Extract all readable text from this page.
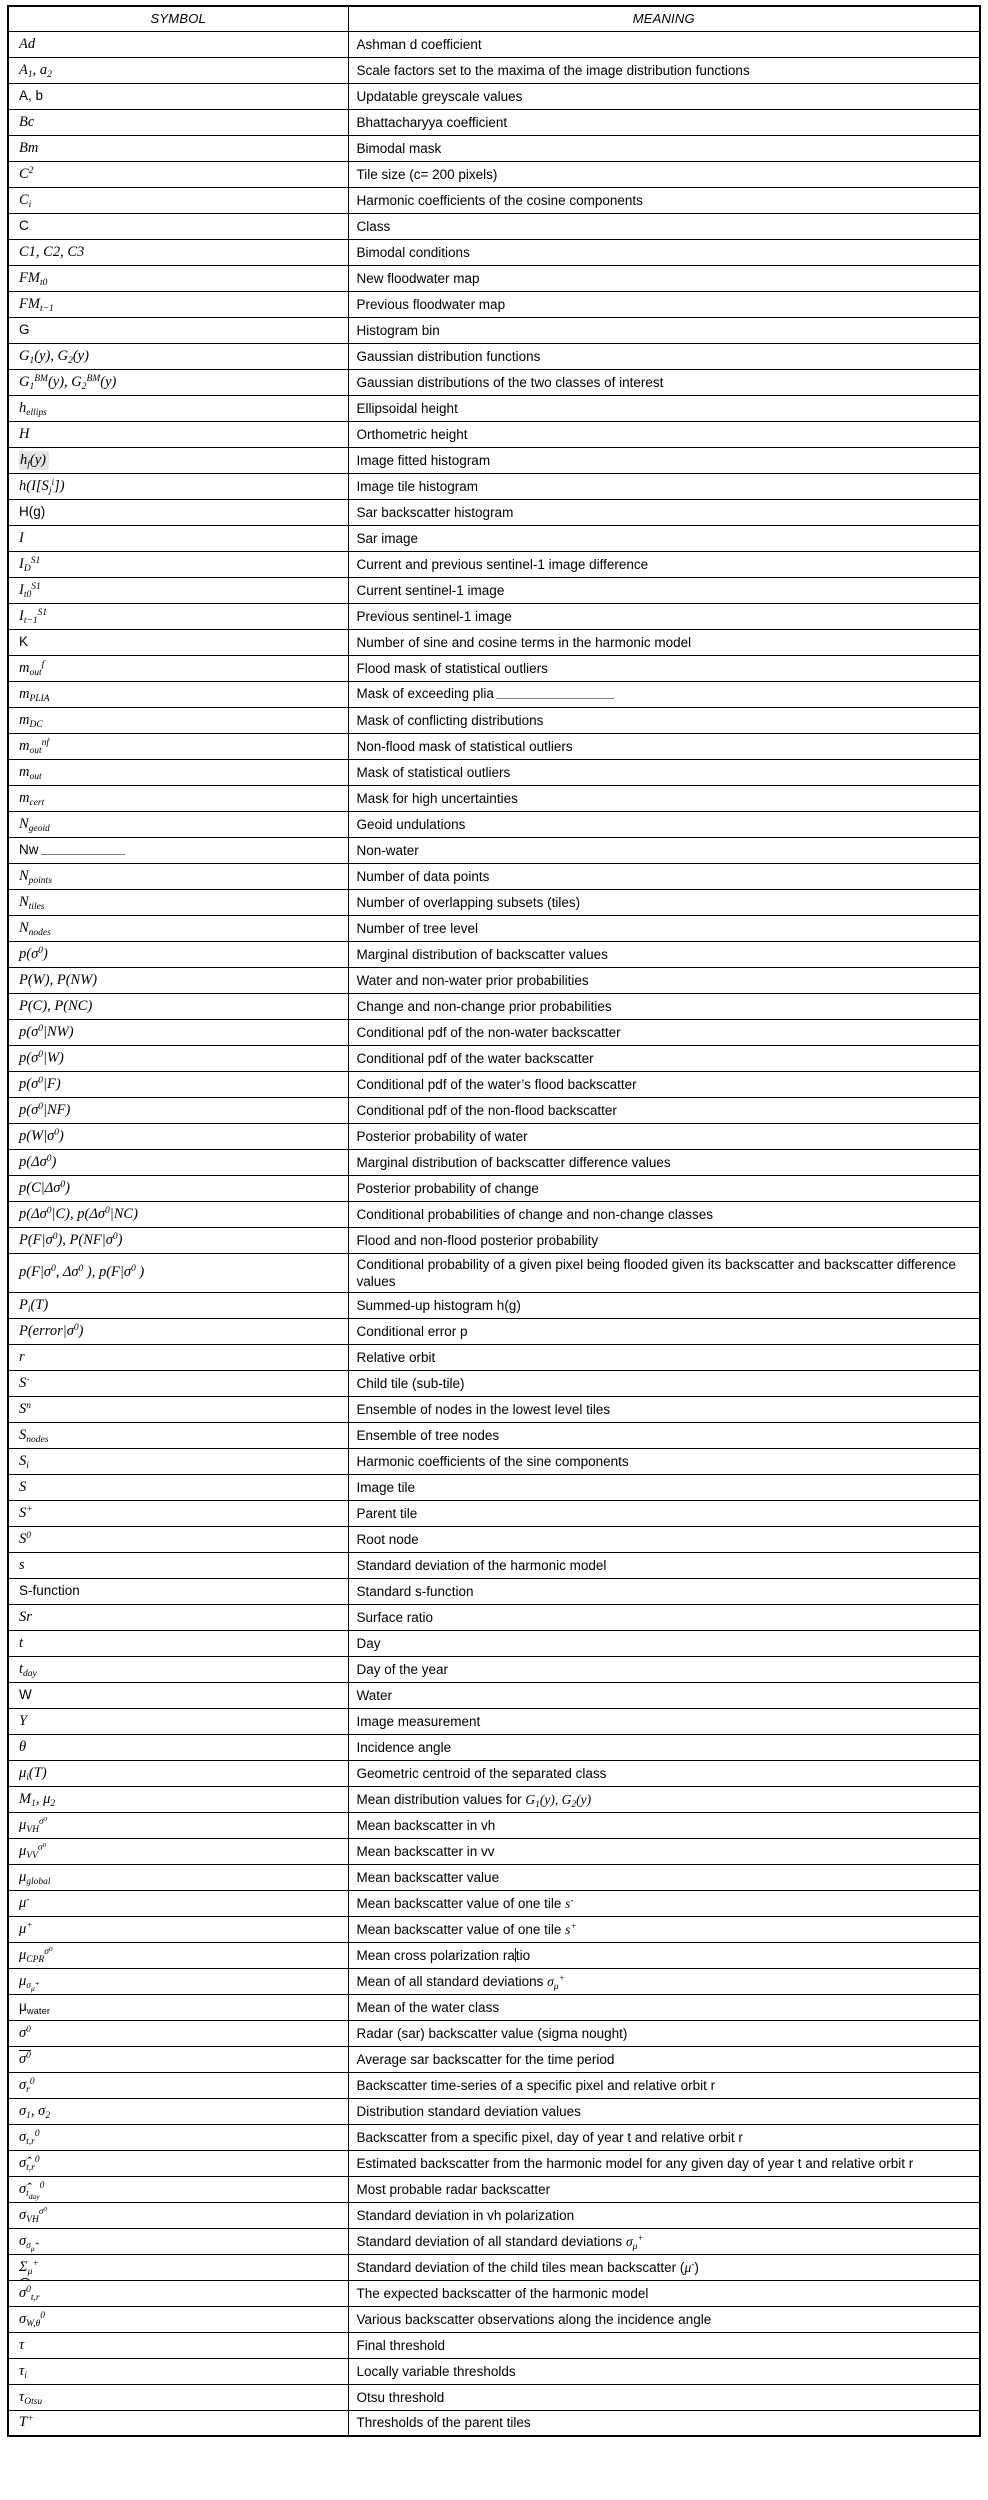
SYMBOL	MEANING
Ad	Ashman d coefficient
$A_1$, $a_2$	Scale factors set to the maxima of the image distribution functions
A, b	Updatable greyscale values
Bc	Bhattacharyya coefficient
Bm	Bimodal mask
$C^2$	Tile size (c= 200 pixels)
$C_i$	Harmonic coefficients of the cosine components
C	Class
C1, C2, C3	Bimodal conditions
$FM_{t0}$	New floodwater map
$FM_{t-1}$	Previous floodwater map
G	Histogram bin
$G_1(y)$, $G_2(y)$	Gaussian distribution functions
$G_1^{BM}(y)$, $G_2^{BM}(y)$	Gaussian distributions of the two classes of interest
$h_{ellips}$	Ellipsoidal height
H	Orthometric height
$h_f(y)$	Image fitted histogram
$h(I[S_j^i])$	Image tile histogram
H(g)	Sar backscatter histogram
I	Sar image
$I_D^{S1}$	Current and previous sentinel-1 image difference
$I_{t0}^{S1}$	Current sentinel-1 image
$I_{t-1}^{S1}$	Previous sentinel-1 image
K	Number of sine and cosine terms in the harmonic model
$m_{out}^f$	Flood mask of statistical outliers
$m_{PLIA}$	Mask of exceeding plia
$m_{DC}$	Mask of conflicting distributions
$m_{out}^{nf}$	Non-flood mask of statistical outliers
$m_{out}$	Mask of statistical outliers
$m_{cert}$	Mask for high uncertainties
$N_{geoid}$	Geoid undulations
Nw	Non-water
$N_{points}$	Number of data points
$N_{tiles}$	Number of overlapping subsets (tiles)
$N_{nodes}$	Number of tree level
$p(\sigma^0)$	Marginal distribution of backscatter values
P(W), P(NW)	Water and non-water prior probabilities
P(C), P(NC)	Change and non-change prior probabilities
$p(\sigma^0|NW)$	Conditional pdf of the non-water backscatter
$p(\sigma^0|W)$	Conditional pdf of the water backscatter
$p(\sigma^0|F)$	Conditional pdf of the water’s flood backscatter
$p(\sigma^0|NF)$	Conditional pdf of the non-flood backscatter
$p(W|\sigma^0)$	Posterior probability of water
$p(\Delta\sigma^0)$	Marginal distribution of backscatter difference values
$p(C|\Delta\sigma^0)$	Posterior probability of change
$p(\Delta\sigma^0|C)$, $p(\Delta\sigma^0|NC)$	Conditional probabilities of change and non-change classes
$P(F|\sigma^0)$, $P(NF|\sigma^0)$	Flood and non-flood posterior probability
$p(F|\sigma^0$, $\Delta\sigma^0$ ), $p(F|\sigma^0$ )	Conditional probability of a given pixel being flooded given its backscatter and backscatter difference values
$P_i(T)$	Summed-up histogram h(g)
$P(error|\sigma^0)$	Conditional error p
r	Relative orbit
S-	Child tile (sub-tile)
$S^n$	Ensemble of nodes in the lowest level tiles
$S_{nodes}$	Ensemble of tree nodes
$S_i$	Harmonic coefficients of the sine components
S	Image tile
S+	Parent tile
$S^0$	Root node
s	Standard deviation of the harmonic model
S-function	Standard s-function
Sr	Surface ratio
t	Day
$t_{day}$	Day of the year
W	Water
Y	Image measurement
θ	Incidence angle
$\mu_i(T)$	Geometric centroid of the separated class
$M_1$, $\mu_2$	Mean distribution values for $G_1(y)$, $G_2(y)$
$\mu_{VH}^{\sigma^0}$	Mean backscatter in vh
$\mu_{VV}^{\sigma^0}$	Mean backscatter in vv
$\mu_{global}$	Mean backscatter value
μ-	Mean backscatter value of one tile s-
μ+	Mean backscatter value of one tile s+
$\mu_{CPR}^{\sigma^0}$	Mean cross polarization ratio
$\mu_{\sigma_\mu^+}$	Mean of all standard deviations $\sigma_\mu^+$
$\mu_{water}$	Mean of the water class
$\sigma^0$	Radar (sar) backscatter value (sigma nought)
$\sigma^0$	Average sar backscatter for the time period
$\sigma_r^0$	Backscatter time-series of a specific pixel and relative orbit r
$\sigma_1$, $\sigma_2$	Distribution standard deviation values
$\sigma_{t,r}^0$	Backscatter from a specific pixel, day of year t and relative orbit r
$\sigmâ_{t,r}^0$	Estimated backscatter from the harmonic model for any given day of year t and relative orbit r
$\sigmâ_{t_{day}}^0$	Most probable radar backscatter
$\sigma_{VH}^{\sigma^0}$	Standard deviation in vh polarization
$\sigma_{\sigma_\mu^+}$	Standard deviation of all standard deviations $\sigma_\mu^+$
$\Sigma_\mu^+$	Standard deviation of the child tiles mean backscatter (μ-)
ˆ $\sigma^0_{t,r}$	The expected backscatter of the harmonic model
$\sigma_{W,\theta}^0$	Various backscatter observations along the incidence angle
τ	Final threshold
$\tau_i$	Locally variable thresholds
$\tau_{Otsu}$	Otsu threshold
T+	Thresholds of the parent tiles
